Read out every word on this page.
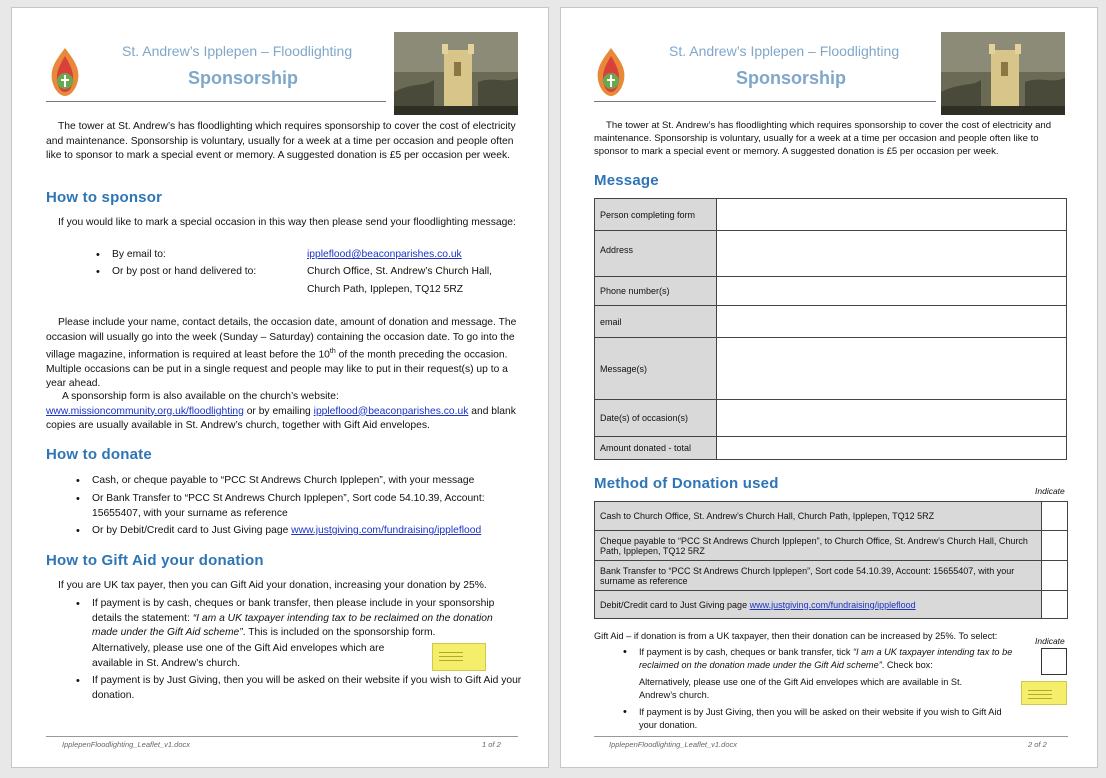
St. Andrew’s Ipplepen – Floodlighting
Sponsorship
The tower at St. Andrew’s has floodlighting which requires sponsorship to cover the cost of electricity and maintenance. Sponsorship is voluntary, usually for a week at a time per occasion and people often like to sponsor to mark a special event or memory. A suggested donation is £5 per occasion per week.
How to sponsor
If you would like to mark a special occasion in this way then please send your floodlighting message:
• By email to:	ippleflood@beaconparishes.co.uk
• Or by post or hand delivered to:	Church Office, St. Andrew’s Church Hall,
Church Path, Ipplepen, TQ12 5RZ
Please include your name, contact details, the occasion date, amount of donation and message. The occasion will usually go into the week (Sunday – Saturday) containing the occasion date. To go into the village magazine, information is required at least before the 10th of the month preceding the occasion. Multiple occasions can be put in a single request and people may like to put in their request(s) up to a year ahead.
A sponsorship form is also available on the church’s website:
www.missioncommunity.org.uk/floodlighting or by emailing ippleflood@beaconparishes.co.uk and blank copies are usually available in St. Andrew’s church, together with Gift Aid envelopes.
How to donate
• Cash, or cheque payable to “PCC St Andrews Church Ipplepen”, with your message
• Or Bank Transfer to “PCC St Andrews Church Ipplepen”, Sort code 54.10.39, Account: 15655407, with your surname as reference
• Or by Debit/Credit card to Just Giving page www.justgiving.com/fundraising/ippleflood
How to Gift Aid your donation
If you are UK tax payer, then you can Gift Aid your donation, increasing your donation by 25%.
• If payment is by cash, cheques or bank transfer, then please include in your sponsorship details the statement: “I am a UK taxpayer intending tax to be reclaimed on the donation made under the Gift Aid scheme”. This is included on the sponsorship form.
Alternatively, please use one of the Gift Aid envelopes which are available in St. Andrew’s church.
• If payment is by Just Giving, then you will be asked on their website if you wish to Gift Aid your donation.
IpplepenFloodlighting_Leaflet_v1.docx	1 of 2
St. Andrew’s Ipplepen – Floodlighting
Sponsorship
The tower at St. Andrew’s has floodlighting which requires sponsorship to cover the cost of electricity and maintenance. Sponsorship is voluntary, usually for a week at a time per occasion and people often like to sponsor to mark a special event or memory. A suggested donation is £5 per occasion per week.
Message
Person completing form	
Address	
Phone number(s)	
email	
Message(s)	
Date(s) of occasion(s)	
Amount donated - total	
Method of Donation used	Indicate
Cash to Church Office, St. Andrew’s Church Hall, Church Path, Ipplepen, TQ12 5RZ	
Cheque payable to “PCC St Andrews Church Ipplepen”, to Church Office, St. Andrew’s Church Hall, Church Path, Ipplepen, TQ12 5RZ	
Bank Transfer to “PCC St Andrews Church Ipplepen”, Sort code 54.10.39, Account: 15655407, with your surname as reference	
Debit/Credit card to Just Giving page www.justgiving.com/fundraising/ippleflood	
Gift Aid – if donation is from a UK taxpayer, then their donation can be increased by 25%. To select:	Indicate
• If payment is by cash, cheques or bank transfer, tick “I am a UK taxpayer intending tax to be reclaimed on the donation made under the Gift Aid scheme”. Check box:
Alternatively, please use one of the Gift Aid envelopes which are available in St. Andrew’s church.
• If payment is by Just Giving, then you will be asked on their website if you wish to Gift Aid your donation.
IpplepenFloodlighting_Leaflet_v1.docx	2 of 2
